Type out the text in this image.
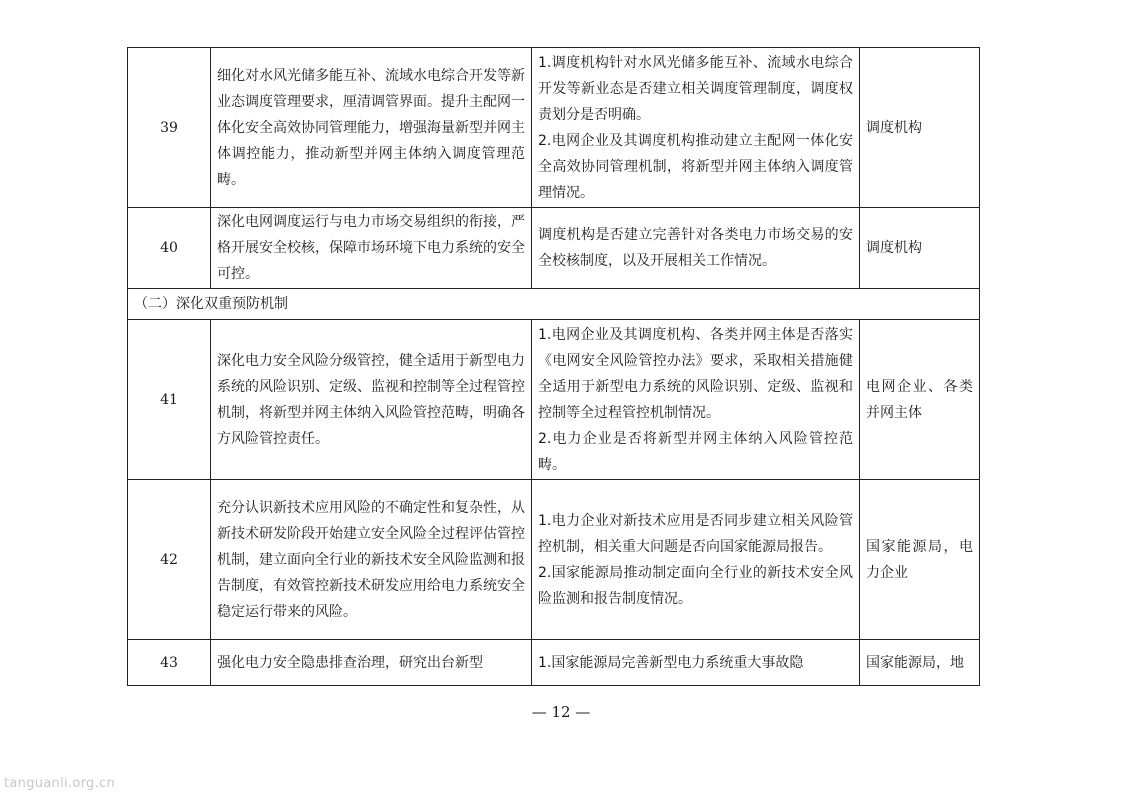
39	细化对水风光储多能互补、流域水电综合开发等新业态调度管理要求，厘清调管界面。提升主配网一体化安全高效协同管理能力，增强海量新型并网主体调控能力，推动新型并网主体纳入调度管理范畴。	1.调度机构针对水风光储多能互补、流域水电综合开发等新业态是否建立相关调度管理制度，调度权责划分是否明确。
2.电网企业及其调度机构推动建立主配网一体化安全高效协同管理机制，将新型并网主体纳入调度管理情况。	调度机构
40	深化电网调度运行与电力市场交易组织的衔接，严格开展安全校核，保障市场环境下电力系统的安全可控。	调度机构是否建立完善针对各类电力市场交易的安全校核制度，以及开展相关工作情况。	调度机构
（二）深化双重预防机制			
41	深化电力安全风险分级管控，健全适用于新型电力系统的风险识别、定级、监视和控制等全过程管控机制，将新型并网主体纳入风险管控范畴，明确各方风险管控责任。	1.电网企业及其调度机构、各类并网主体是否落实《电网安全风险管控办法》要求，采取相关措施健全适用于新型电力系统的风险识别、定级、监视和控制等全过程管控机制情况。
2.电力企业是否将新型并网主体纳入风险管控范畴。	电网企业、各类并网主体
42	充分认识新技术应用风险的不确定性和复杂性，从新技术研发阶段开始建立安全风险全过程评估管控机制，建立面向全行业的新技术安全风险监测和报告制度，有效管控新技术研发应用给电力系统安全稳定运行带来的风险。	1.电力企业对新技术应用是否同步建立相关风险管控机制，相关重大问题是否向国家能源局报告。
2.国家能源局推动制定面向全行业的新技术安全风险监测和报告制度情况。	国家能源局，电力企业
43	强化电力安全隐患排查治理，研究出台新型	1.国家能源局完善新型电力系统重大事故隐	国家能源局，地
— 12 —
tanguanli.org.cn
